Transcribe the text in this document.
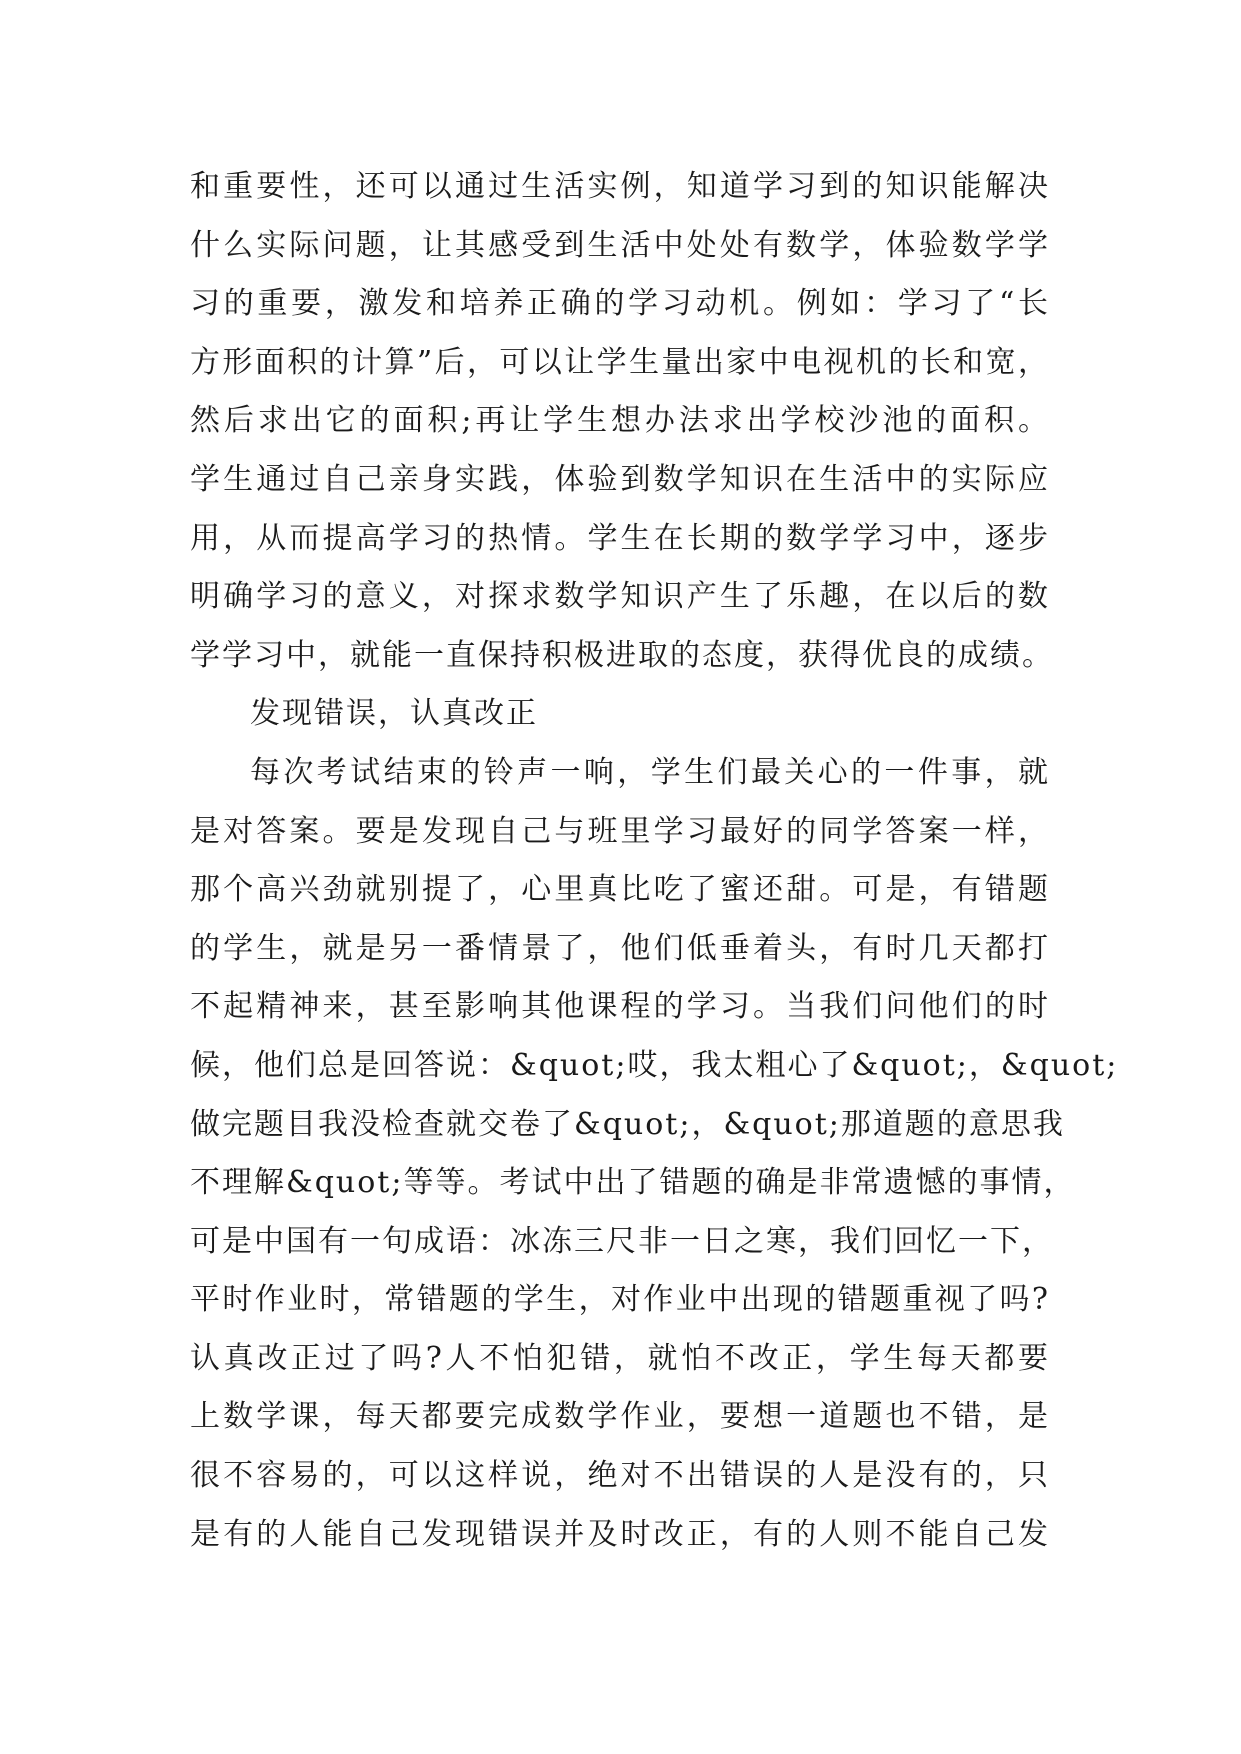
和重要性，还可以通过生活实例，知道学习到的知识能解决
什么实际问题，让其感受到生活中处处有数学，体验数学学
习的重要，激发和培养正确的学习动机。例如：学习了“长
方形面积的计算”后，可以让学生量出家中电视机的长和宽，
然后求出它的面积;再让学生想办法求出学校沙池的面积。
学生通过自己亲身实践，体验到数学知识在生活中的实际应
用，从而提高学习的热情。学生在长期的数学学习中，逐步
明确学习的意义，对探求数学知识产生了乐趣，在以后的数
学学习中，就能一直保持积极进取的态度，获得优良的成绩。
发现错误，认真改正
每次考试结束的铃声一响，学生们最关心的一件事，就
是对答案。要是发现自己与班里学习最好的同学答案一样，
那个高兴劲就别提了，心里真比吃了蜜还甜。可是，有错题
的学生，就是另一番情景了，他们低垂着头，有时几天都打
不起精神来，甚至影响其他课程的学习。当我们问他们的时
候，他们总是回答说：&quot;哎，我太粗心了&quot;，&quot;
做完题目我没检查就交卷了&quot;，&quot;那道题的意思我
不理解&quot;等等。考试中出了错题的确是非常遗憾的事情，
可是中国有一句成语：冰冻三尺非一日之寒，我们回忆一下，
平时作业时，常错题的学生，对作业中出现的错题重视了吗?
认真改正过了吗?人不怕犯错，就怕不改正，学生每天都要
上数学课，每天都要完成数学作业，要想一道题也不错，是
很不容易的，可以这样说，绝对不出错误的人是没有的，只
是有的人能自己发现错误并及时改正，有的人则不能自己发
